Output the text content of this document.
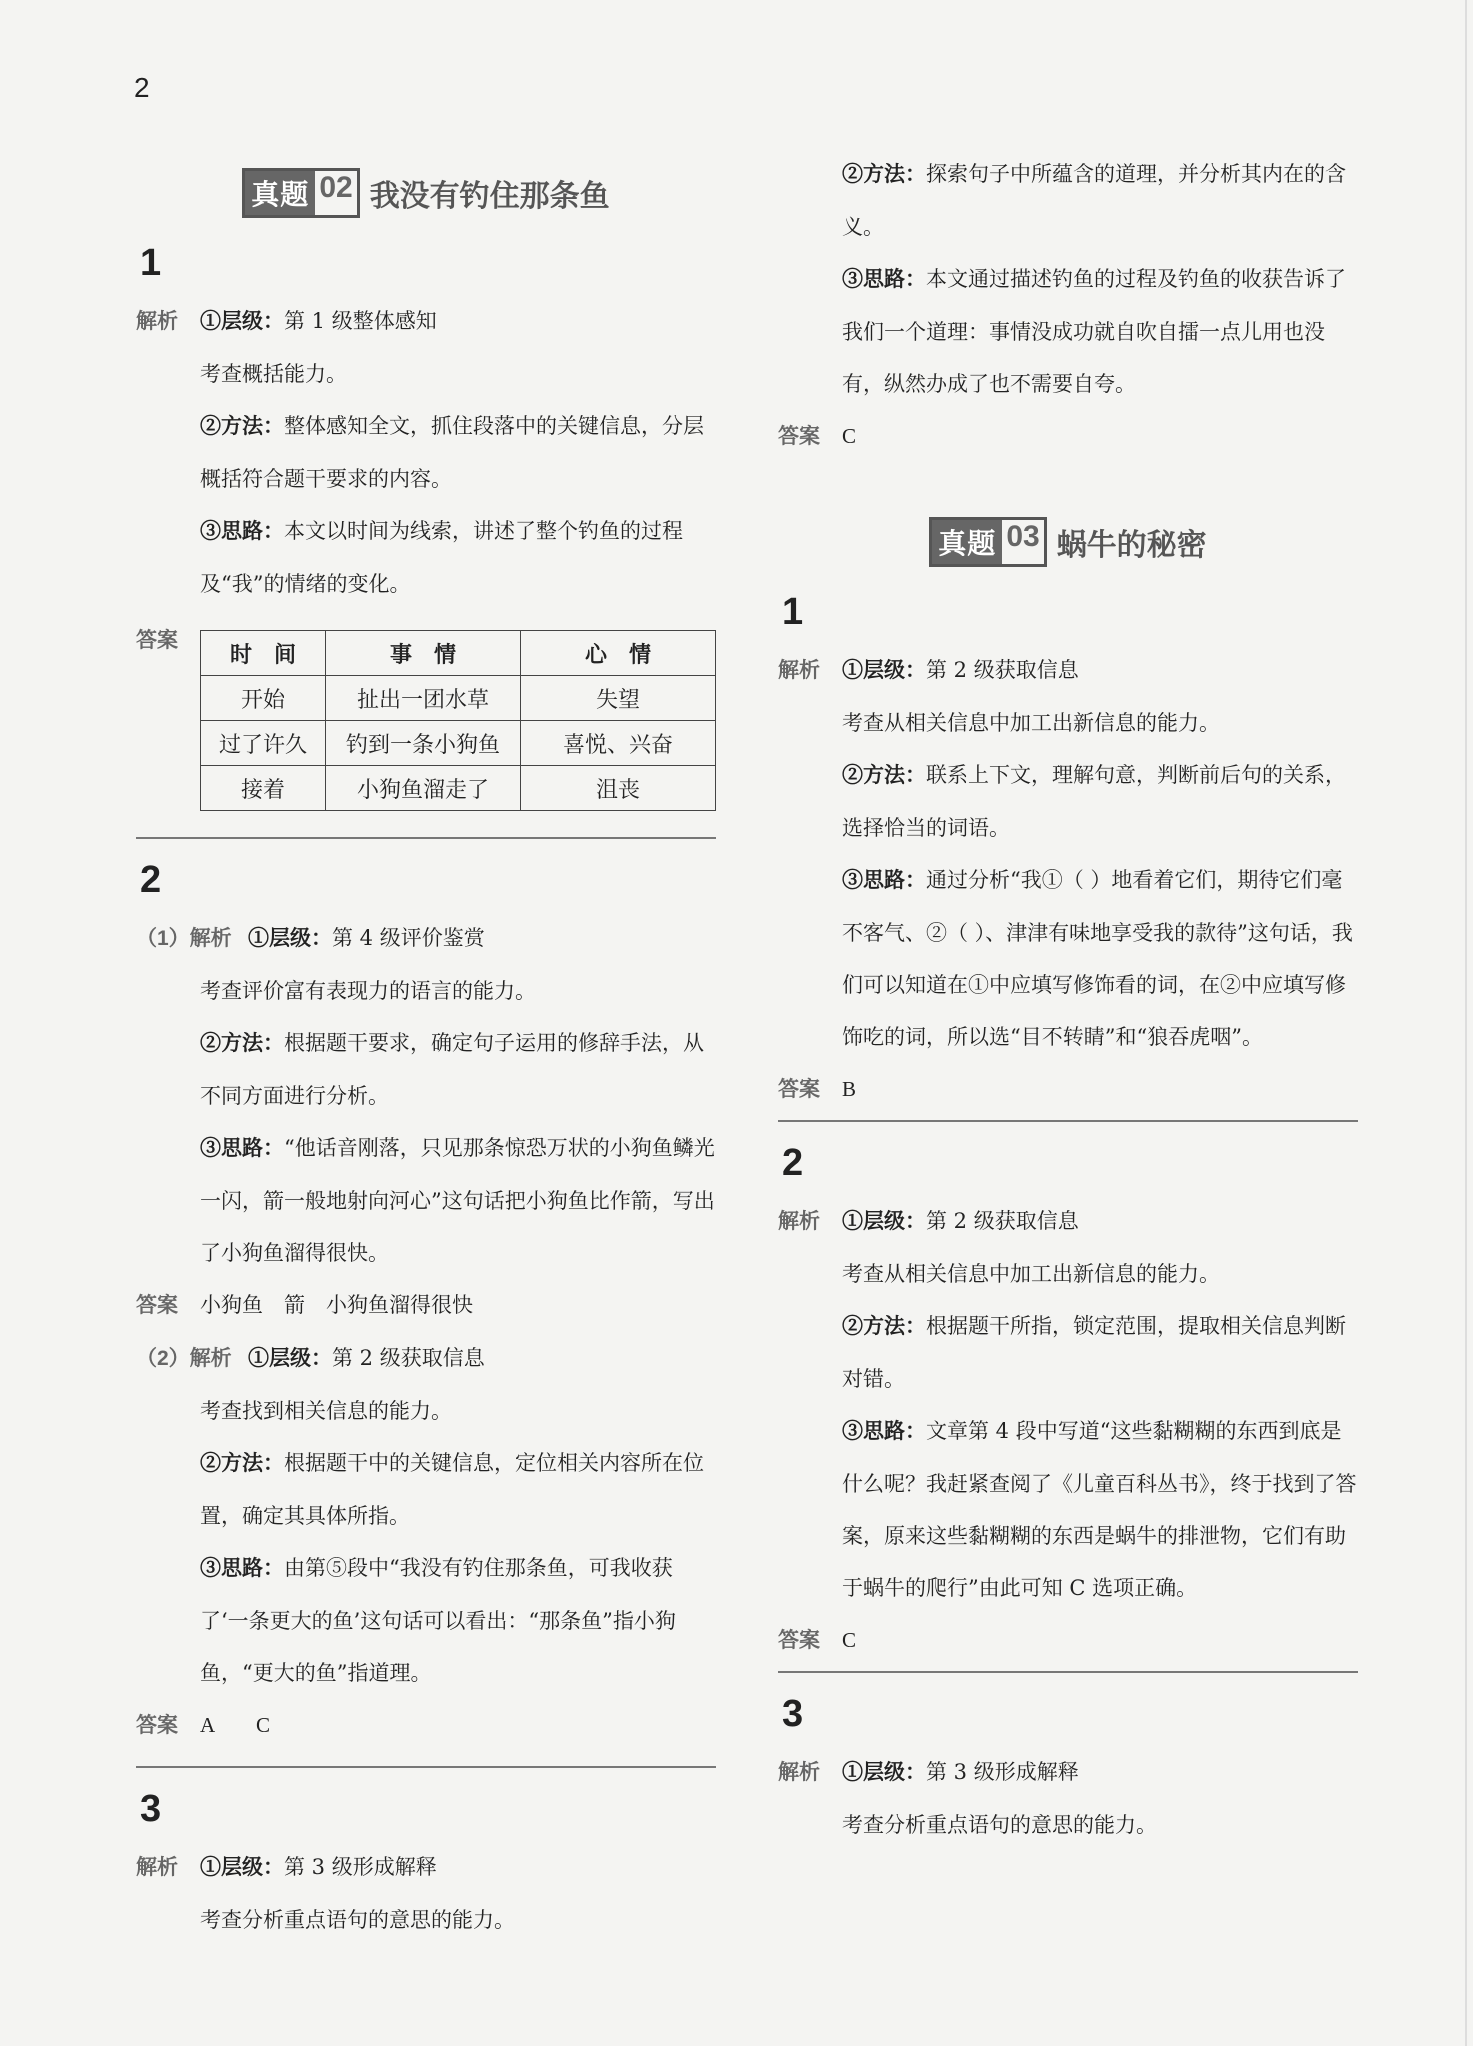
2
真题 02 我没有钓住那条鱼
1
解析	①层级：第 1 级整体感知
考查概括能力。
②方法：整体感知全文，抓住段落中的关键信息，分层概括符合题干要求的内容。
③思路：本文以时间为线索，讲述了整个钓鱼的过程及“我”的情绪的变化。
答案
时　间	事　情	心　情
开始	扯出一团水草	失望
过了许久	钓到一条小狗鱼	喜悦、兴奋
接着	小狗鱼溜走了	沮丧
2
（1）解析 ①层级：第 4 级评价鉴赏
考查评价富有表现力的语言的能力。
②方法：根据题干要求，确定句子运用的修辞手法，从不同方面进行分析。
③思路：“他话音刚落，只见那条惊恐万状的小狗鱼鳞光一闪，箭一般地射向河心”这句话把小狗鱼比作箭，写出了小狗鱼溜得很快。
答案	小狗鱼　箭　小狗鱼溜得很快
（2）解析 ①层级：第 2 级获取信息
考查找到相关信息的能力。
②方法：根据题干中的关键信息，定位相关内容所在位置，确定其具体所指。
③思路：由第⑤段中“我没有钓住那条鱼，可我收获了‘一条更大的鱼’这句话可以看出：“那条鱼”指小狗鱼，“更大的鱼”指道理。
答案	A　　C
3
解析	①层级：第 3 级形成解释
考查分析重点语句的意思的能力。
②方法：探索句子中所蕴含的道理，并分析其内在的含义。
③思路：本文通过描述钓鱼的过程及钓鱼的收获告诉了我们一个道理：事情没成功就自吹自擂一点儿用也没有，纵然办成了也不需要自夸。
答案	C
真题 03 蜗牛的秘密
1
解析	①层级：第 2 级获取信息
考查从相关信息中加工出新信息的能力。
②方法：联系上下文，理解句意，判断前后句的关系，选择恰当的词语。
③思路：通过分析“我①（ ）地看着它们，期待它们毫不客气、②（ ）、津津有味地享受我的款待”这句话，我们可以知道在①中应填写修饰看的词，在②中应填写修饰吃的词，所以选“目不转睛”和“狼吞虎咽”。
答案	B
2
解析	①层级：第 2 级获取信息
考查从相关信息中加工出新信息的能力。
②方法：根据题干所指，锁定范围，提取相关信息判断对错。
③思路：文章第 4 段中写道“这些黏糊糊的东西到底是什么呢？我赶紧查阅了《儿童百科丛书》，终于找到了答案，原来这些黏糊糊的东西是蜗牛的排泄物，它们有助于蜗牛的爬行”由此可知 C 选项正确。
答案	C
3
解析	①层级：第 3 级形成解释
考查分析重点语句的意思的能力。
